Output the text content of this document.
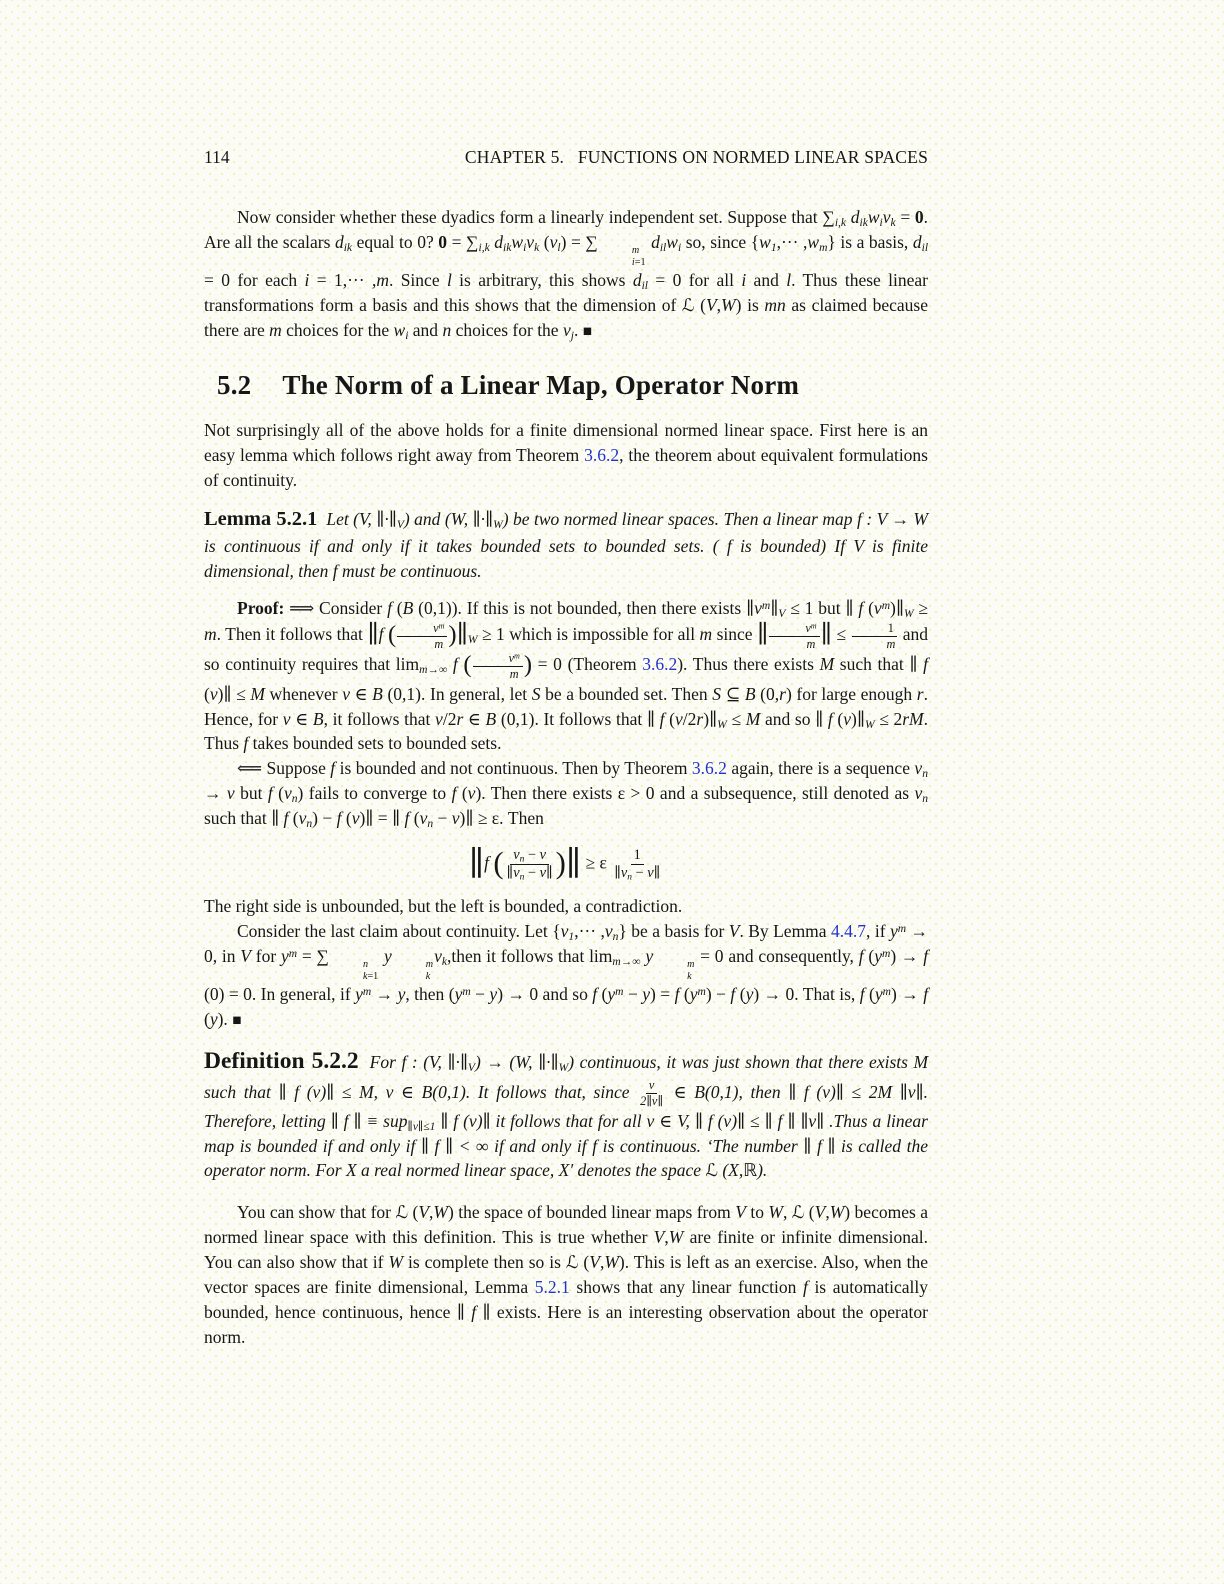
114	CHAPTER 5.   FUNCTIONS ON NORMED LINEAR SPACES

Now consider whether these dyadics form a linearly independent set. Suppose that $\sum_{i,k}$ $d_{ik}w_iv_k = 0$. Are all the scalars $d_{ik}$ equal to 0? $0 = \sum_{i,k}$ $d_{ik}w_iv_k$ $(v_l)$ = ∑	m
i=1
$d_{il}w_i$ so, since $\{w_1,\cdot\cdot\cdot ,w_m\}$ is a basis, $d_{il} = 0$ for each i = 1,··· ,m. Since l is arbitrary, this shows $d_{il} = 0$ for all i and l. Thus these linear transformations form a basis and this shows that the dimension of ℒ (V,W) is mn as claimed because there are m choices for the $w_i$ and n choices for the $v_j$. ■

5.2 The Norm of a Linear Map, Operator Norm

Not surprisingly all of the above holds for a finite dimensional normed linear space. First here is an easy lemma which follows right away from Theorem 3.6.2, the theorem about equivalent formulations of continuity.

Lemma 5.2.1 Let (V, $\parallel\cdot\parallel_V$) and (W, $\parallel\cdot\parallel_W$) be two normed linear spaces. Then a linear map f : V → W is continuous if and only if it takes bounded sets to bounded sets. ( f is bounded) If V is finite dimensional, then f must be continuous.

Proof: ⟹ Consider f (B (0,1)). If this is not bounded, then there exists $\parallel v^m\parallel_V \le 1$ but ∥ f $(v^m)\parallel_W \ge m$. Then it follows that ∥f ( $\frac{v^m}{m}$ )$\parallel_W \ge 1$ which is impossible for all m since ∥ $\frac{v^m}{m}$ ∥ ≤ $\frac{1}{m}$ and so continuity requires that $\lim_{m\to\infty} f$ ( $\frac{v^m}{m}$ ) = 0 (Theorem 3.6.2). Thus there exists M such that ∥ f (v)∥ ≤ M whenever v ∈ B (0,1). In general, let S be a bounded set. Then S ⊆ B (0,r) for large enough r. Hence, for v ∈ B, it follows that v/2r ∈ B (0,1). It follows that ∥ f $(v/2r)\parallel_W \le M$ and so ∥ f $(v)\parallel_W \le 2rM$. Thus f takes bounded sets to bounded sets.

⟸ Suppose f is bounded and not continuous. Then by Theorem 3.6.2 again, there is a sequence $v_n \to v$ but f $(v_n)$ fails to converge to f (v). Then there exists ε > 0 and a subsequence, still denoted as $v_n$ such that ∥ f $(v_n) - f$ (v)∥ = ∥ f ($v_n$ − v)∥ ≥ ε. Then

∥f ( $\frac{v_n - v}{\parallel v_n - v\parallel}$ )∥ ≥ ε $\frac{1}{\parallel v_n - v\parallel}$

The right side is unbounded, but the left is bounded, a contradiction.

Consider the last claim about continuity. Let $\{v_1,\cdot\cdot\cdot ,v_n\}$ be a basis for V. By Lemma 4.4.7, if $y^m \to 0$, in V for $y^m$ = ∑	n
k=1
y	m
k
$v_k,then$ it follows that $\lim_{m\to\infty} y$	m
k
= 0 and consequently, f $(y^m) \to f$ (0) = 0. In general, if $y^m \to y$, then $(y^m - y) \to 0$ and so f $(y^m - y) = f$ $(y^m) - f$ (y) → 0. That is, f $(y^m) \to f$ (y). ■

Definition 5.2.2 For f : (V, $\parallel\cdot\parallel_V) \to (W$, $\parallel\cdot\parallel_W$) continuous, it was just shown that there exists M such that ∥ f (v)∥ ≤ M, v ∈ B(0,1). It follows that, since $\frac{v}{2\parallel v\parallel}$ ∈ B(0,1), then ∥ f (v)∥ ≤ 2M ∥v∥. Therefore, letting ∥ f ∥ ≡ sup$_{\parallel v\parallel\le 1}$ ∥ f (v)∥ it follows that for all v ∈ V, ∥ f (v)∥ ≤ ∥ f ∥ ∥v∥ .Thus a linear map is bounded if and only if ∥ f ∥ < ∞ if and only if f is continuous. ‘The number ∥ f ∥ is called the operator norm. For X a real normed linear space, X′ denotes the space ℒ (X,ℝ).

You can show that for ℒ (V,W) the space of bounded linear maps from V to W, ℒ (V,W) becomes a normed linear space with this definition. This is true whether V,W are finite or infinite dimensional. You can also show that if W is complete then so is ℒ (V,W). This is left as an exercise. Also, when the vector spaces are finite dimensional, Lemma 5.2.1 shows that any linear function f is automatically bounded, hence continuous, hence ∥ f ∥ exists. Here is an interesting observation about the operator norm.
